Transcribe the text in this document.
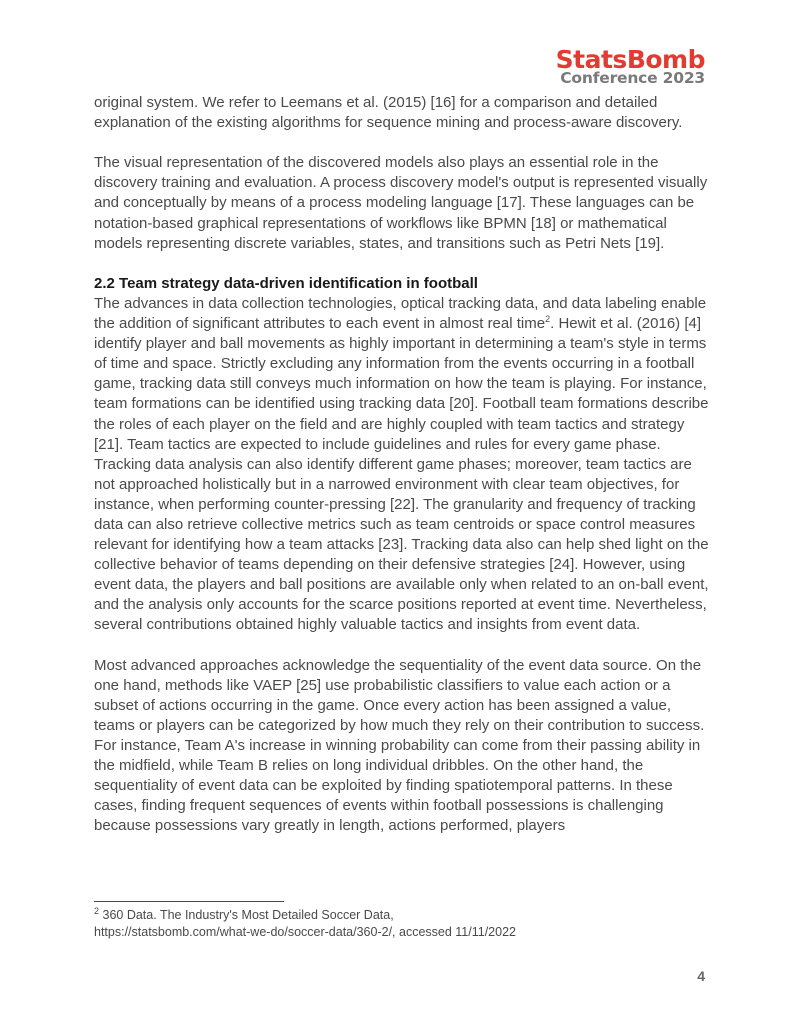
StatsBomb
Conference 2023

original system. We refer to Leemans et al. (2015) [16] for a comparison and detailed explanation of the existing algorithms for sequence mining and process-aware discovery.

The visual representation of the discovered models also plays an essential role in the discovery training and evaluation. A process discovery model's output is represented visually and conceptually by means of a process modeling language [17]. These languages can be notation-based graphical representations of workflows like BPMN [18] or mathematical models representing discrete variables, states, and transitions such as Petri Nets [19].

2.2 Team strategy data-driven identification in football

The advances in data collection technologies, optical tracking data, and data labeling enable the addition of significant attributes to each event in almost real time$^2$. Hewit et al. (2016) [4] identify player and ball movements as highly important in determining a team's style in terms of time and space. Strictly excluding any information from the events occurring in a football game, tracking data still conveys much information on how the team is playing. For instance, team formations can be identified using tracking data [20]. Football team formations describe the roles of each player on the field and are highly coupled with team tactics and strategy [21]. Team tactics are expected to include guidelines and rules for every game phase. Tracking data analysis can also identify different game phases; moreover, team tactics are not approached holistically but in a narrowed environment with clear team objectives, for instance, when performing counter-pressing [22]. The granularity and frequency of tracking data can also retrieve collective metrics such as team centroids or space control measures relevant for identifying how a team attacks [23]. Tracking data also can help shed light on the collective behavior of teams depending on their defensive strategies [24]. However, using event data, the players and ball positions are available only when related to an on-ball event, and the analysis only accounts for the scarce positions reported at event time. Nevertheless, several contributions obtained highly valuable tactics and insights from event data.

Most advanced approaches acknowledge the sequentiality of the event data source. On the one hand, methods like VAEP [25] use probabilistic classifiers to value each action or a subset of actions occurring in the game. Once every action has been assigned a value, teams or players can be categorized by how much they rely on their contribution to success. For instance, Team A's increase in winning probability can come from their passing ability in the midfield, while Team B relies on long individual dribbles. On the other hand, the sequentiality of event data can be exploited by finding spatiotemporal patterns. In these cases, finding frequent sequences of events within football possessions is challenging because possessions vary greatly in length, actions performed, players

$^2$ 360 Data. The Industry's Most Detailed Soccer Data,

https://statsbomb.com/what-we-do/soccer-data/360-2/, accessed 11/11/2022

4
